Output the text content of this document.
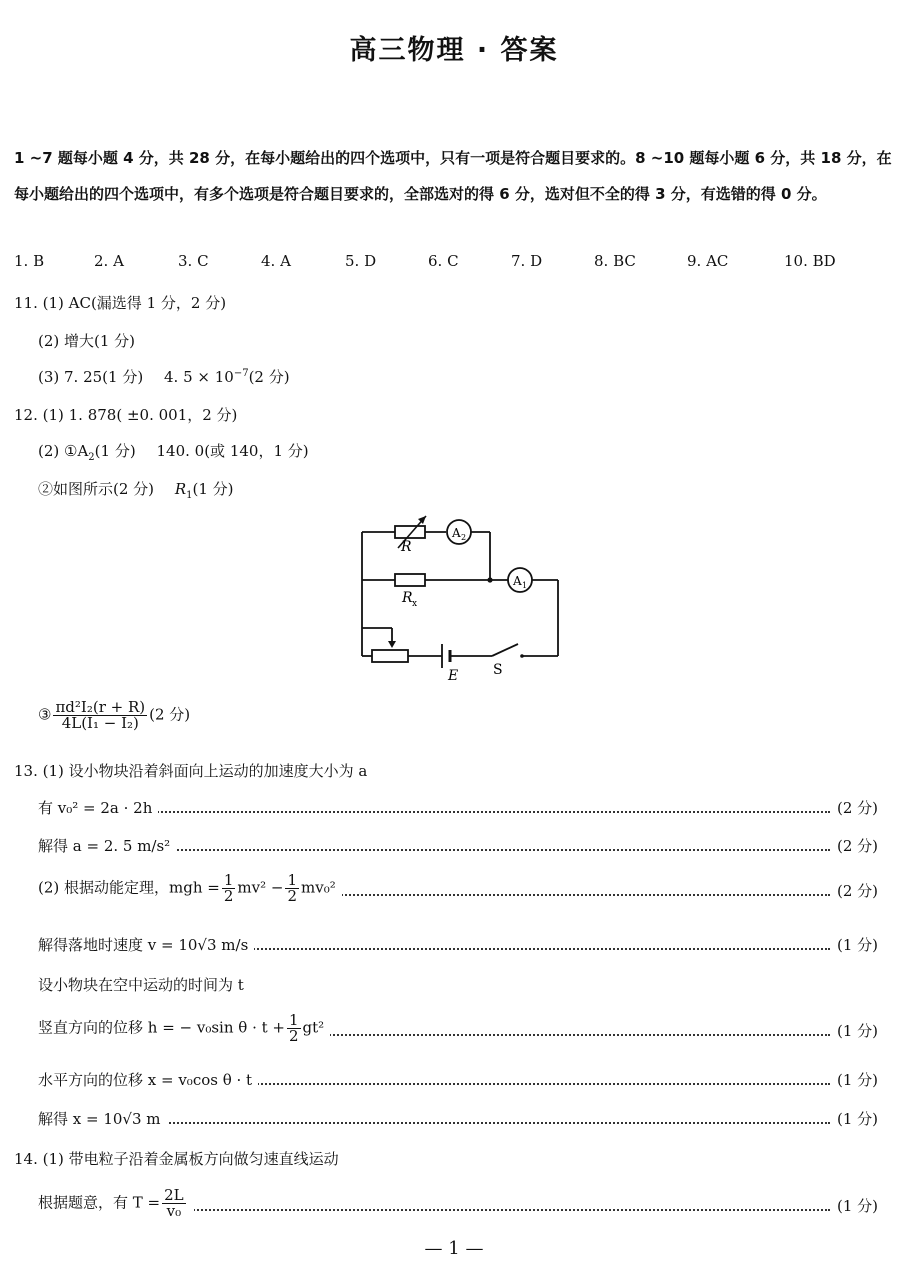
高三物理 · 答案
1 ~7 题每小题 4 分，共 28 分，在每小题给出的四个选项中，只有一项是符合题目要求的。8 ~10 题每小题 6 分，共 18 分，在每小题给出的四个选项中，有多个选项是符合题目要求的，全部选对的得 6 分，选对但不全的得 3 分，有选错的得 0 分。
1. B	2. A	3. C	4. A	5. D	6. C	7. D	8. BC	9. AC	10. BD
11. (1) AC(漏选得 1 分，2 分)
(2) 增大(1 分)
(3) 7. 25(1 分) 4. $5 \times 10^{-7}(2$ 分)
12. (1) 1. 878( ±0. 001，2 分)
(2) $①A_2(1$ 分) 140. 0(或 140，1 分)
②如图所示(2 分) $R_1(1$ 分)
R
R x
A 2
A 1
E S
③ $\frac{\text{πd²I₂(r + R)}}{\text{4L(I₁ − I₂)}} (2$ 分)
13. (1) 设小物块沿着斜面向上运动的加速度大小为 a
有 v₀² = 2a · 2h	(2 分)
解得 a = 2. 5 m/s²	(2 分)
(2) 根据动能定理，mgh = $\frac{1}{2} mv^2 - \frac{1}{2} mv_0^2$	(2 分)
解得落地时速度 v = 10√3 m/s	(1 分)
设小物块在空中运动的时间为 t
竖直方向的位移 h = − v₀sin $\theta \cdot t + \frac{1}{2} gt^2$	(1 分)
水平方向的位移 x = v₀cos θ · t	(1 分)
解得 x = 10√3 m	(1 分)
14. (1) 带电粒子沿着金属板方向做匀速直线运动
根据题意，有 $T = \frac{2L}{\text{v₀}}$	(1 分)
— 1 —
